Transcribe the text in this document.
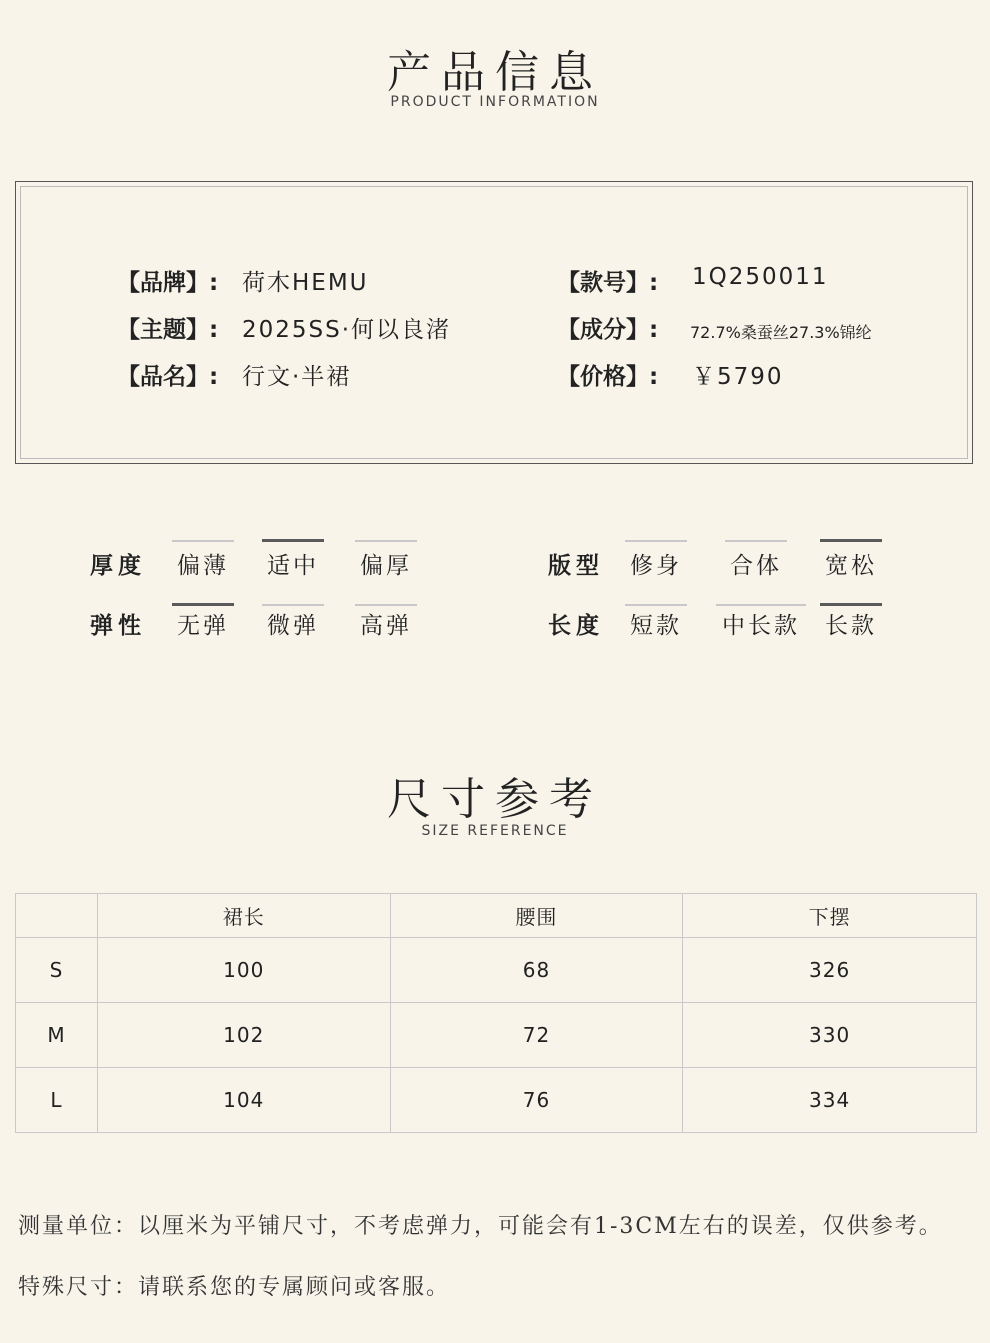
产品信息
PRODUCT INFORMATION
【品牌】: 荷木HEMU
【主题】: 2025SS·何以良渚
【品名】: 行文·半裙
【款号】: 1Q250011
【成分】: 72.7%桑蚕丝27.3%锦纶
【价格】: ￥5790
厚度 偏薄 适中 偏厚
弹性 无弹 微弹 高弹
版型 修身 合体 宽松
长度 短款 中长款 长款
尺寸参考
SIZE REFERENCE
	裙长	腰围	下摆
S	100	68	326
M	102	72	330
L	104	76	334
测量单位：以厘米为平铺尺寸，不考虑弹力，可能会有1-3CM左右的误差，仅供参考。
特殊尺寸：请联系您的专属顾问或客服。
